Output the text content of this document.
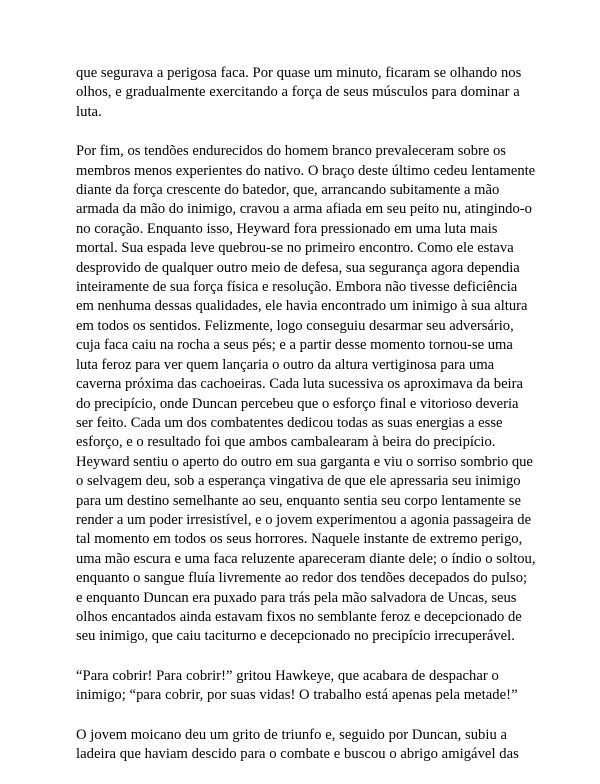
que segurava a perigosa faca. Por quase um minuto, ficaram se olhando nos olhos, e gradualmente exercitando a força de seus músculos para dominar a luta.

Por fim, os tendões endurecidos do homem branco prevaleceram sobre os membros menos experientes do nativo. O braço deste último cedeu lentamente diante da força crescente do batedor, que, arrancando subitamente a mão armada da mão do inimigo, cravou a arma afiada em seu peito nu, atingindo-o no coração. Enquanto isso, Heyward fora pressionado em uma luta mais mortal. Sua espada leve quebrou-se no primeiro encontro. Como ele estava desprovido de qualquer outro meio de defesa, sua segurança agora dependia inteiramente de sua força física e resolução. Embora não tivesse deficiência em nenhuma dessas qualidades, ele havia encontrado um inimigo à sua altura em todos os sentidos. Felizmente, logo conseguiu desarmar seu adversário, cuja faca caiu na rocha a seus pés; e a partir desse momento tornou-se uma luta feroz para ver quem lançaria o outro da altura vertiginosa para uma caverna próxima das cachoeiras. Cada luta sucessiva os aproximava da beira do precipício, onde Duncan percebeu que o esforço final e vitorioso deveria ser feito. Cada um dos combatentes dedicou todas as suas energias a esse esforço, e o resultado foi que ambos cambalearam à beira do precipício. Heyward sentiu o aperto do outro em sua garganta e viu o sorriso sombrio que o selvagem deu, sob a esperança vingativa de que ele apressaria seu inimigo para um destino semelhante ao seu, enquanto sentia seu corpo lentamente se render a um poder irresistível, e o jovem experimentou a agonia passageira de tal momento em todos os seus horrores. Naquele instante de extremo perigo, uma mão escura e uma faca reluzente apareceram diante dele; o índio o soltou, enquanto o sangue fluía livremente ao redor dos tendões decepados do pulso; e enquanto Duncan era puxado para trás pela mão salvadora de Uncas, seus olhos encantados ainda estavam fixos no semblante feroz e decepcionado de seu inimigo, que caiu taciturno e decepcionado no precipício irrecuperável.

“Para cobrir! Para cobrir!” gritou Hawkeye, que acabara de despachar o inimigo; “para cobrir, por suas vidas! O trabalho está apenas pela metade!”

O jovem moicano deu um grito de triunfo e, seguido por Duncan, subiu a ladeira que haviam descido para o combate e buscou o abrigo amigável das
